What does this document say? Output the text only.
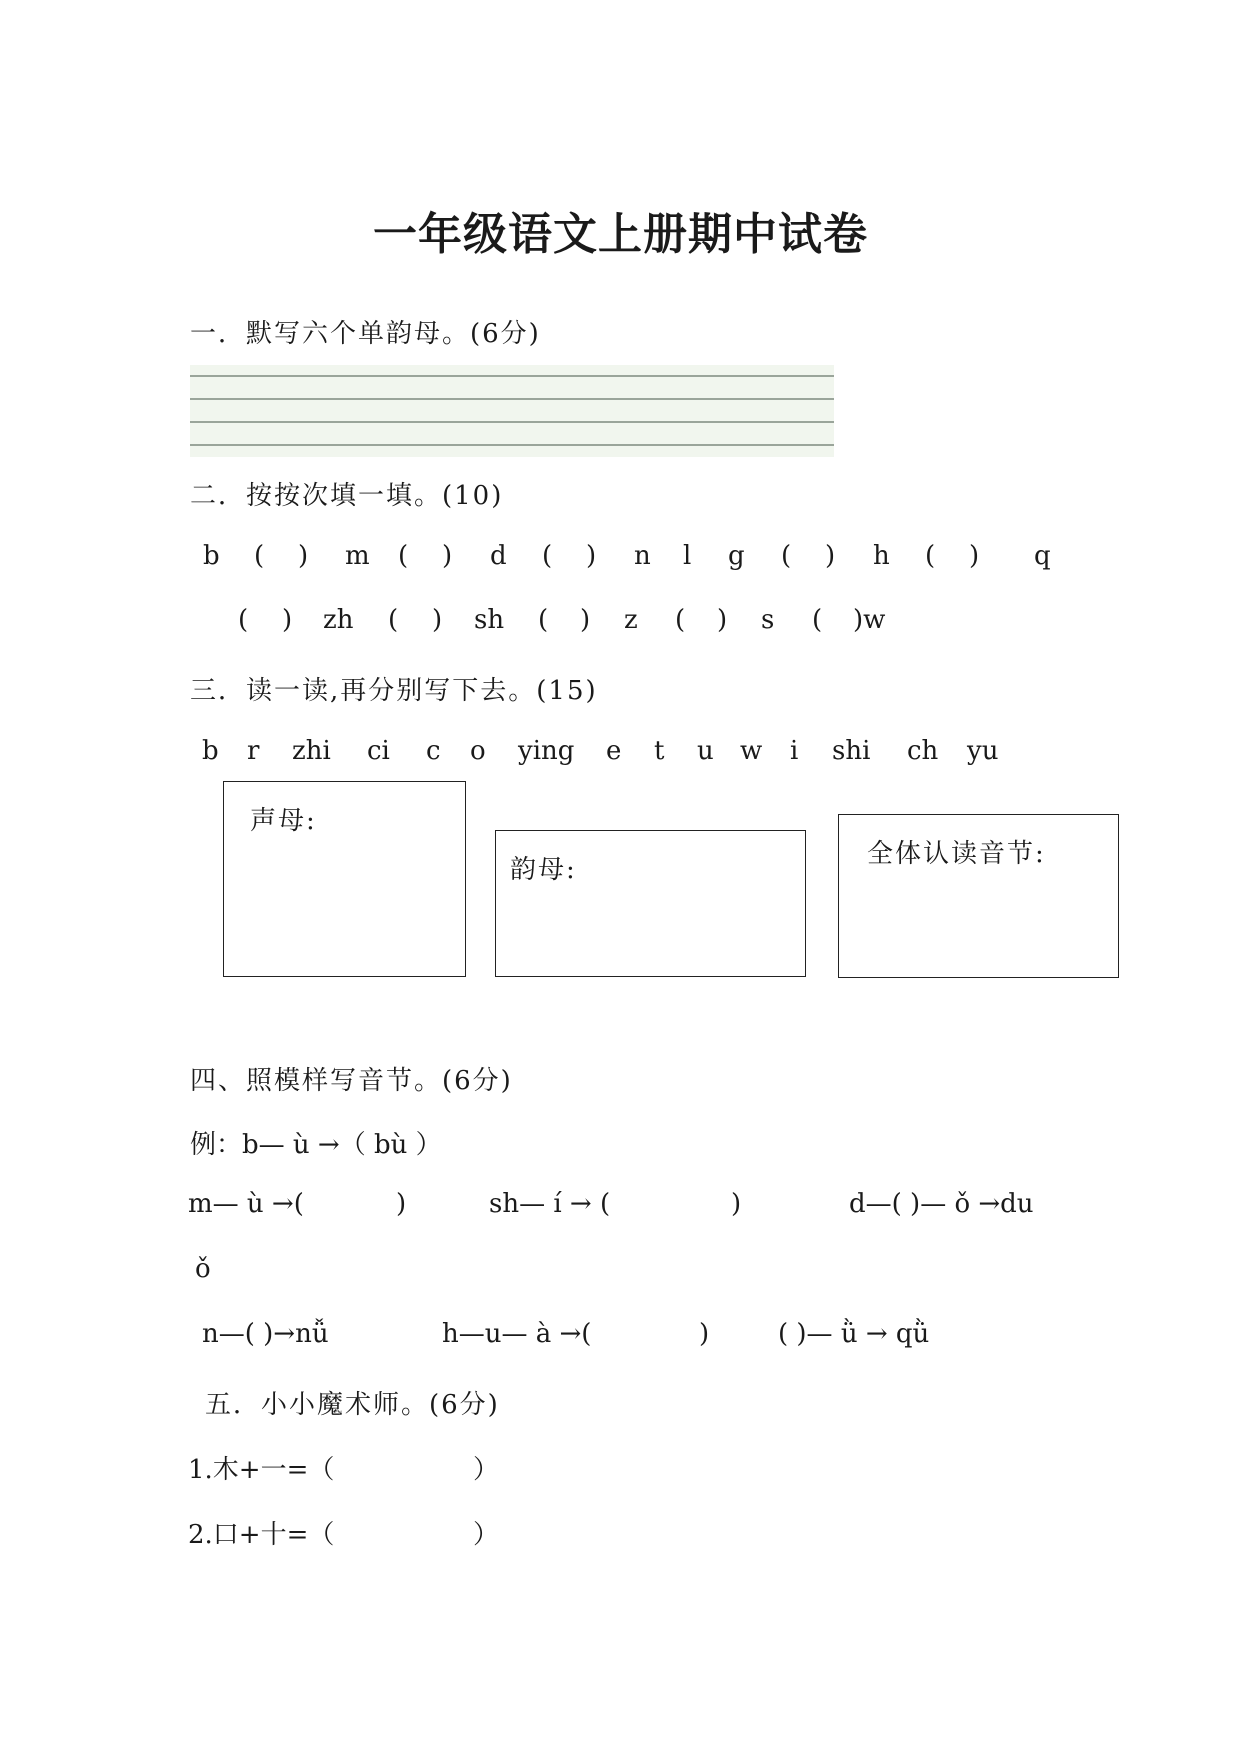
一年级语文上册期中试卷
一．默写六个单韵母。(6分)
二．按按次填一填。(10)
b ( ) m ( ) d ( ) n l g ( ) h ( ) q
( ) zh ( ) sh ( ) z ( ) s ( )w
三．读一读,再分别写下去。(15)
b r zhi ci c o ying e t u w i shi ch yu
声母:
韵母:
全体认读音节:
四、照模样写音节。(6分)
例：b— ù →（ bù ）
m— ù →(	)	sh— í → (	)	d—( )— ǒ →du
ǒ
n—( )→nǚ	h—u— à →(	)	( )— ǜ → qǜ
五．小小魔术师。(6分)
1.木+一=（	）
2.口+十=（	）
